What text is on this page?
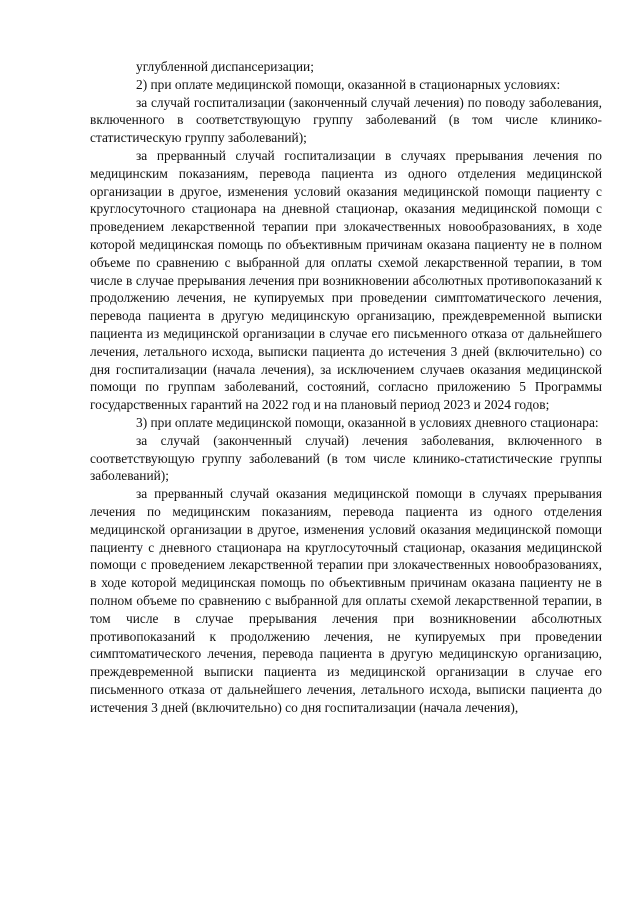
углубленной диспансеризации;

2) при оплате медицинской помощи, оказанной в стационарных условиях:

за случай госпитализации (законченный случай лечения) по поводу заболевания, включенного в соответствующую группу заболеваний (в том числе клинико-статистическую группу заболеваний);

за прерванный случай госпитализации в случаях прерывания лечения по медицинским показаниям, перевода пациента из одного отделения медицинской организации в другое, изменения условий оказания медицинской помощи пациенту с круглосуточного стационара на дневной стационар, оказания медицинской помощи с проведением лекарственной терапии при злокачественных новообразованиях, в ходе которой медицинская помощь по объективным причинам оказана пациенту не в полном объеме по сравнению с выбранной для оплаты схемой лекарственной терапии, в том числе в случае прерывания лечения при возникновении абсолютных противопоказаний к продолжению лечения, не купируемых при проведении симптоматического лечения, перевода пациента в другую медицинскую организацию, преждевременной выписки пациента из медицинской организации в случае его письменного отказа от дальнейшего лечения, летального исхода, выписки пациента до истечения 3 дней (включительно) со дня госпитализации (начала лечения), за исключением случаев оказания медицинской помощи по группам заболеваний, состояний, согласно приложению 5 Программы государственных гарантий на 2022 год и на плановый период 2023 и 2024 годов;

3) при оплате медицинской помощи, оказанной в условиях дневного стационара:

за случай (законченный случай) лечения заболевания, включенного в соответствующую группу заболеваний (в том числе клинико-статистические группы заболеваний);

за прерванный случай оказания медицинской помощи в случаях прерывания лечения по медицинским показаниям, перевода пациента из одного отделения медицинской организации в другое, изменения условий оказания медицинской помощи пациенту с дневного стационара на круглосуточный стационар, оказания медицинской помощи с проведением лекарственной терапии при злокачественных новообразованиях, в ходе которой медицинская помощь по объективным причинам оказана пациенту не в полном объеме по сравнению с выбранной для оплаты схемой лекарственной терапии, в том числе в случае прерывания лечения при возникновении абсолютных противопоказаний к продолжению лечения, не купируемых при проведении симптоматического лечения, перевода пациента в другую медицинскую организацию, преждевременной выписки пациента из медицинской организации в случае его письменного отказа от дальнейшего лечения, летального исхода, выписки пациента до истечения 3 дней (включительно) со дня госпитализации (начала лечения),
